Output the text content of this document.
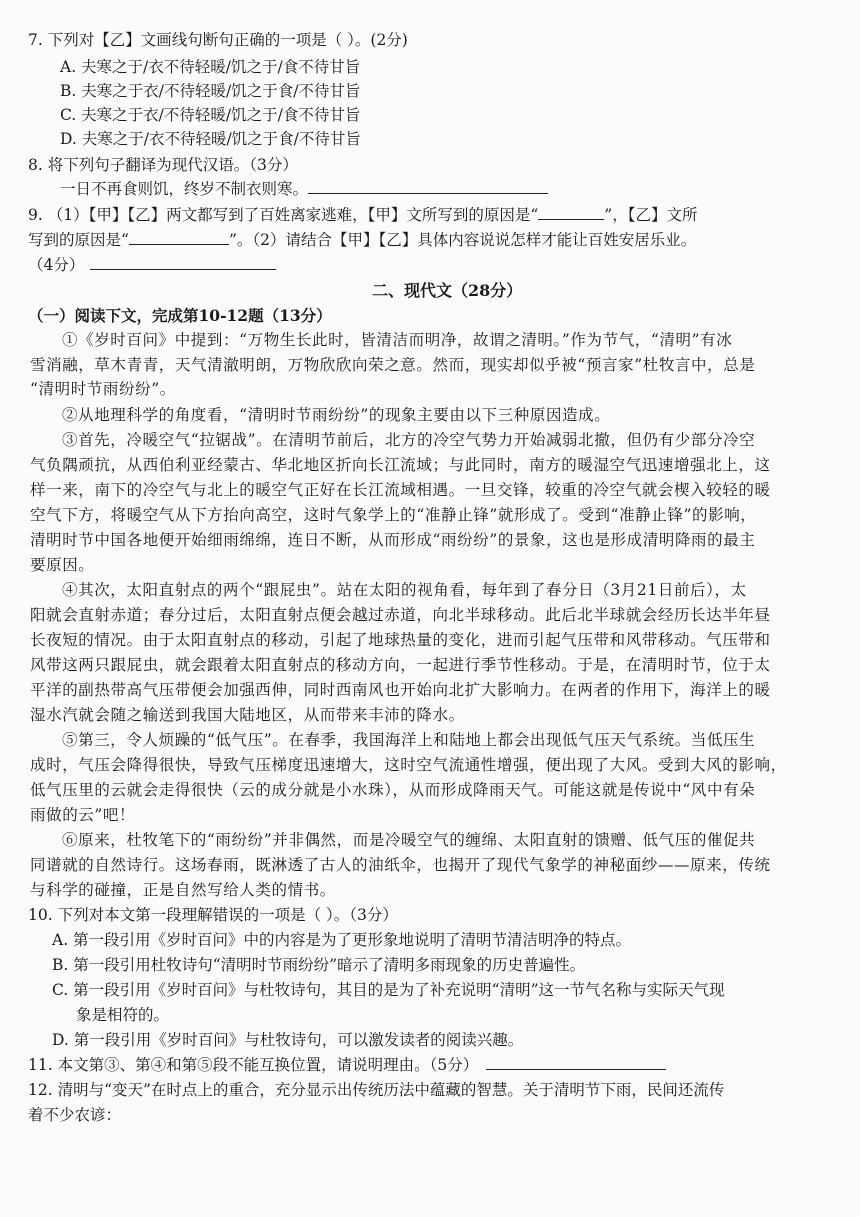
7. 下列对【乙】文画线句断句正确的一项是（ ）。(2分)
A. 夫寒之于/衣不待轻暖/饥之于/食不待甘旨
B. 夫寒之于衣/不待轻暖/饥之于食/不待甘旨
C. 夫寒之于衣/不待轻暖/饥之于/食不待甘旨
D. 夫寒之于/衣不待轻暖/饥之于食/不待甘旨
8. 将下列句子翻译为现代汉语。（3分）
一日不再食则饥，终岁不制衣则寒。
9. （1）【甲】【乙】两文都写到了百姓离家逃难，【甲】文所写到的原因是“	”，【乙】文所
写到的原因是“	”。（2）请结合【甲】【乙】具体内容说说怎样才能让百姓安居乐业。
（4分）
二、现代文（28分）
（一）阅读下文，完成第10-12题（13分）
①《岁时百问》中提到：“万物生长此时，皆清洁而明净，故谓之清明。”作为节气，“清明”有冰
雪消融，草木青青，天气清澈明朗，万物欣欣向荣之意。然而，现实却似乎被“预言家”杜牧言中，总是
“清明时节雨纷纷”。
②从地理科学的角度看，“清明时节雨纷纷”的现象主要由以下三种原因造成。
③首先，冷暖空气“拉锯战”。在清明节前后，北方的冷空气势力开始减弱北撤，但仍有少部分冷空
气负隅顽抗，从西伯利亚经蒙古、华北地区折向长江流域；与此同时，南方的暖湿空气迅速增强北上，这
样一来，南下的冷空气与北上的暖空气正好在长江流域相遇。一旦交锋，较重的冷空气就会楔入较轻的暖
空气下方，将暖空气从下方抬向高空，这时气象学上的“准静止锋”就形成了。受到“准静止锋”的影响，
清明时节中国各地便开始细雨绵绵，连日不断，从而形成“雨纷纷”的景象，这也是形成清明降雨的最主
要原因。
④其次，太阳直射点的两个“跟屁虫”。站在太阳的视角看，每年到了春分日（3月21日前后），太
阳就会直射赤道；春分过后，太阳直射点便会越过赤道，向北半球移动。此后北半球就会经历长达半年昼
长夜短的情况。由于太阳直射点的移动，引起了地球热量的变化，进而引起气压带和风带移动。气压带和
风带这两只跟屁虫，就会跟着太阳直射点的移动方向，一起进行季节性移动。于是，在清明时节，位于太
平洋的副热带高气压带便会加强西伸，同时西南风也开始向北扩大影响力。在两者的作用下，海洋上的暖
湿水汽就会随之输送到我国大陆地区，从而带来丰沛的降水。
⑤第三，令人烦躁的“低气压”。在春季，我国海洋上和陆地上都会出现低气压天气系统。当低压生
成时，气压会降得很快，导致气压梯度迅速增大，这时空气流通性增强，便出现了大风。受到大风的影响，
低气压里的云就会走得很快（云的成分就是小水珠），从而形成降雨天气。可能这就是传说中“风中有朵
雨做的云”吧！
⑥原来，杜牧笔下的“雨纷纷”并非偶然，而是冷暖空气的缠绵、太阳直射的馈赠、低气压的催促共
同谱就的自然诗行。这场春雨，既淋透了古人的油纸伞，也揭开了现代气象学的神秘面纱——原来，传统
与科学的碰撞，正是自然写给人类的情书。
10. 下列对本文第一段理解错误的一项是（ ）。（3分）
A. 第一段引用《岁时百问》中的内容是为了更形象地说明了清明节清洁明净的特点。
B. 第一段引用杜牧诗句“清明时节雨纷纷”暗示了清明多雨现象的历史普遍性。
C. 第一段引用《岁时百问》与杜牧诗句，其目的是为了补充说明“清明”这一节气名称与实际天气现
象是相符的。
D. 第一段引用《岁时百问》与杜牧诗句，可以激发读者的阅读兴趣。
11. 本文第③、第④和第⑤段不能互换位置，请说明理由。（5分）
12. 清明与“变天”在时点上的重合，充分显示出传统历法中蕴藏的智慧。关于清明节下雨，民间还流传
着不少农谚：
